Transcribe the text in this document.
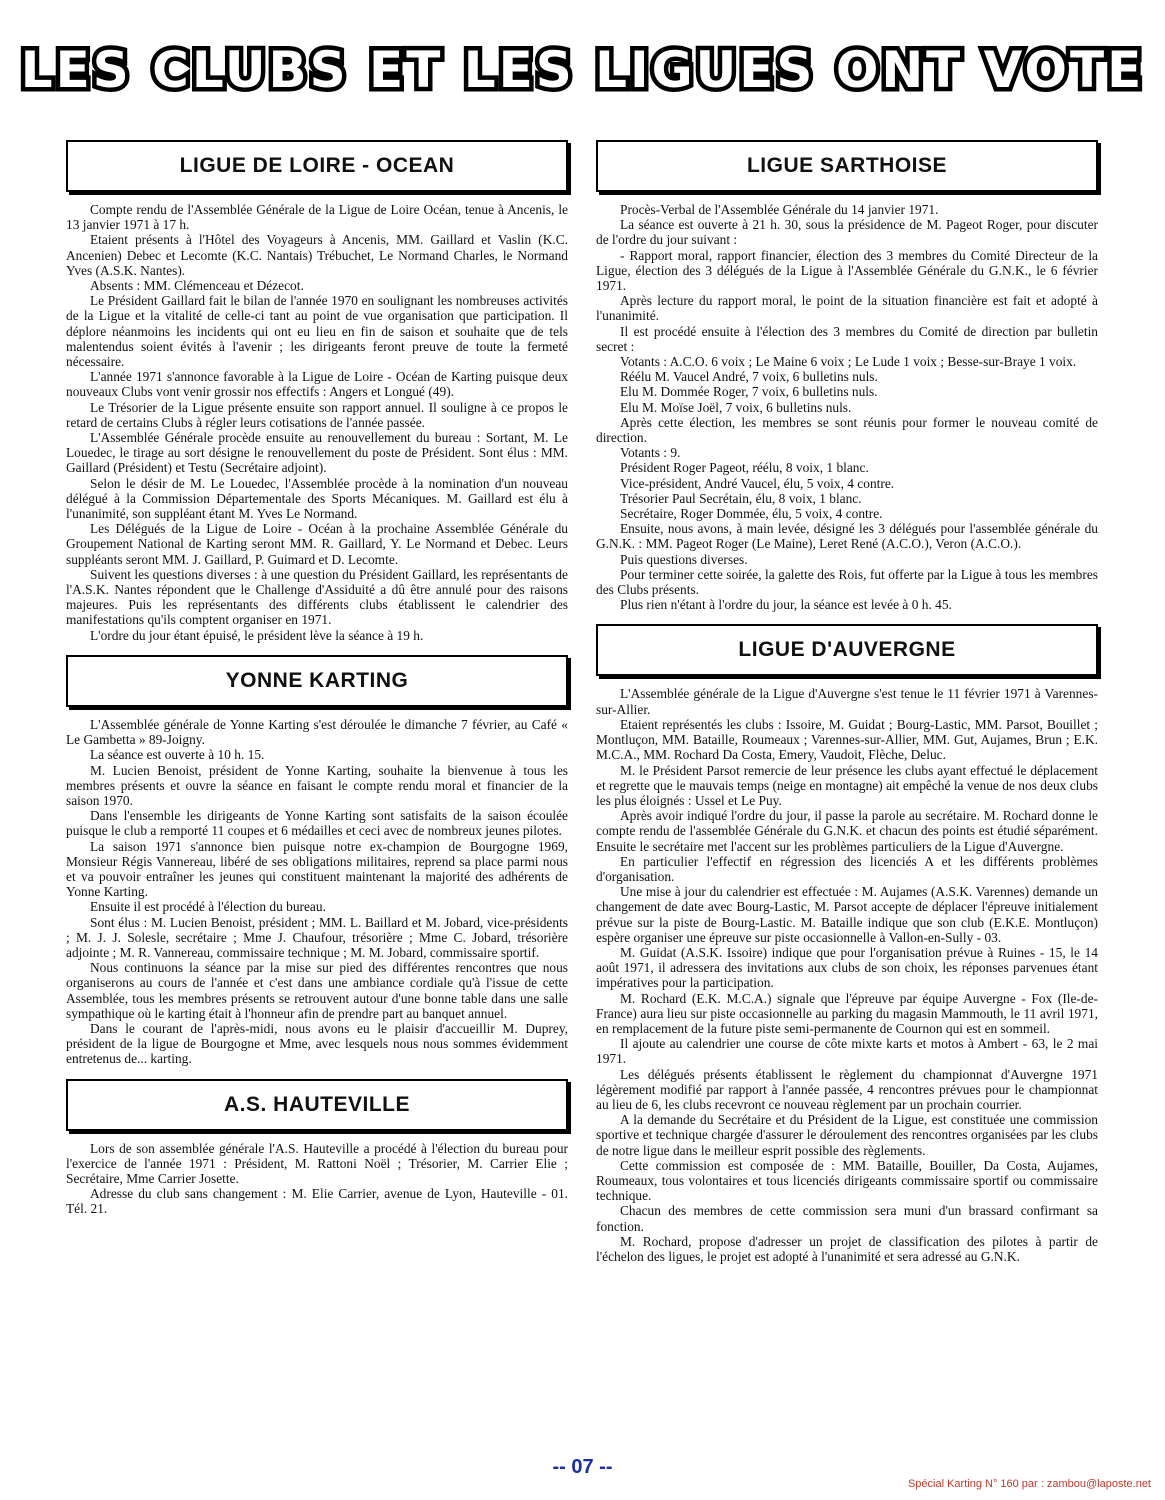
LES CLUBS ET LES LIGUES ONT VOTE
LIGUE DE LOIRE - OCEAN

Compte rendu de l'Assemblée Générale de la Ligue de Loire Océan, tenue à Ancenis, le 13 janvier 1971 à 17 h.

Etaient présents à l'Hôtel des Voyageurs à Ancenis, MM. Gaillard et Vaslin (K.C. Ancenien) Debec et Lecomte (K.C. Nantais) Trébuchet, Le Normand Charles, le Normand Yves (A.S.K. Nantes).

Absents : MM. Clémenceau et Dézecot.

Le Président Gaillard fait le bilan de l'année 1970 en soulignant les nombreuses activités de la Ligue et la vitalité de celle-ci tant au point de vue organisation que participation. Il déplore néanmoins les incidents qui ont eu lieu en fin de saison et souhaite que de tels malentendus soient évités à l'avenir ; les dirigeants feront preuve de toute la fermeté nécessaire.

L'année 1971 s'annonce favorable à la Ligue de Loire - Océan de Karting puisque deux nouveaux Clubs vont venir grossir nos effectifs : Angers et Longué (49).

Le Trésorier de la Ligue présente ensuite son rapport annuel. Il souligne à ce propos le retard de certains Clubs à régler leurs cotisations de l'année passée.

L'Assemblée Générale procède ensuite au renouvellement du bureau : Sortant, M. Le Louedec, le tirage au sort désigne le renouvellement du poste de Président. Sont élus : MM. Gaillard (Président) et Testu (Secrétaire adjoint).

Selon le désir de M. Le Louedec, l'Assemblée procède à la nomination d'un nouveau délégué à la Commission Départementale des Sports Mécaniques. M. Gaillard est élu à l'unanimité, son suppléant étant M. Yves Le Normand.

Les Délégués de la Ligue de Loire - Océan à la prochaine Assemblée Générale du Groupement National de Karting seront MM. R. Gaillard, Y. Le Normand et Debec. Leurs suppléants seront MM. J. Gaillard, P. Guimard et D. Lecomte.

Suivent les questions diverses : à une question du Président Gaillard, les représentants de l'A.S.K. Nantes répondent que le Challenge d'Assiduité a dû être annulé pour des raisons majeures. Puis les représentants des différents clubs établissent le calendrier des manifestations qu'ils comptent organiser en 1971.

L'ordre du jour étant épuisé, le président lève la séance à 19 h.

YONNE KARTING

L'Assemblée générale de Yonne Karting s'est déroulée le dimanche 7 février, au Café « Le Gambetta » 89-Joigny.

La séance est ouverte à 10 h. 15.

M. Lucien Benoist, président de Yonne Karting, souhaite la bienvenue à tous les membres présents et ouvre la séance en faisant le compte rendu moral et financier de la saison 1970.

Dans l'ensemble les dirigeants de Yonne Karting sont satisfaits de la saison écoulée puisque le club a remporté 11 coupes et 6 médailles et ceci avec de nombreux jeunes pilotes.

La saison 1971 s'annonce bien puisque notre ex-champion de Bourgogne 1969, Monsieur Régis Vannereau, libéré de ses obligations militaires, reprend sa place parmi nous et va pouvoir entraîner les jeunes qui constituent maintenant la majorité des adhérents de Yonne Karting.

Ensuite il est procédé à l'élection du bureau.

Sont élus : M. Lucien Benoist, président ; MM. L. Baillard et M. Jobard, vice-présidents ; M. J. J. Solesle, secrétaire ; Mme J. Chaufour, trésorière ; Mme C. Jobard, trésorière adjointe ; M. R. Vannereau, commissaire technique ; M. M. Jobard, commissaire sportif.

Nous continuons la séance par la mise sur pied des différentes rencontres que nous organiserons au cours de l'année et c'est dans une ambiance cordiale qu'à l'issue de cette Assemblée, tous les membres présents se retrouvent autour d'une bonne table dans une salle sympathique où le karting était à l'honneur afin de prendre part au banquet annuel.

Dans le courant de l'après-midi, nous avons eu le plaisir d'accueillir M. Duprey, président de la ligue de Bourgogne et Mme, avec lesquels nous nous sommes évidemment entretenus de... karting.

A.S. HAUTEVILLE

Lors de son assemblée générale l'A.S. Hauteville a procédé à l'élection du bureau pour l'exercice de l'année 1971 : Président, M. Rattoni Noël ; Trésorier, M. Carrier Elie ; Secrétaire, Mme Carrier Josette.

Adresse du club sans changement : M. Elie Carrier, avenue de Lyon, Hauteville - 01. Tél. 21.

LIGUE SARTHOISE

Procès-Verbal de l'Assemblée Générale du 14 janvier 1971.

La séance est ouverte à 21 h. 30, sous la présidence de M. Pageot Roger, pour discuter de l'ordre du jour suivant :

- Rapport moral, rapport financier, élection des 3 membres du Comité Directeur de la Ligue, élection des 3 délégués de la Ligue à l'Assemblée Générale du G.N.K., le 6 février 1971.

Après lecture du rapport moral, le point de la situation financière est fait et adopté à l'unanimité.

Il est procédé ensuite à l'élection des 3 membres du Comité de direction par bulletin secret :

Votants : A.C.O. 6 voix ; Le Maine 6 voix ; Le Lude 1 voix ; Besse-sur-Braye 1 voix.

Réélu M. Vaucel André, 7 voix, 6 bulletins nuls.

Elu M. Dommée Roger, 7 voix, 6 bulletins nuls.

Elu M. Moïse Joël, 7 voix, 6 bulletins nuls.

Après cette élection, les membres se sont réunis pour former le nouveau comité de direction.

Votants : 9.

Président Roger Pageot, réélu, 8 voix, 1 blanc.

Vice-président, André Vaucel, élu, 5 voix, 4 contre.

Trésorier Paul Secrétain, élu, 8 voix, 1 blanc.

Secrétaire, Roger Dommée, élu, 5 voix, 4 contre.

Ensuite, nous avons, à main levée, désigné les 3 délégués pour l'assemblée générale du G.N.K. : MM. Pageot Roger (Le Maine), Leret René (A.C.O.), Veron (A.C.O.).

Puis questions diverses.

Pour terminer cette soirée, la galette des Rois, fut offerte par la Ligue à tous les membres des Clubs présents.

Plus rien n'étant à l'ordre du jour, la séance est levée à 0 h. 45.

LIGUE D'AUVERGNE

L'Assemblée générale de la Ligue d'Auvergne s'est tenue le 11 février 1971 à Varennes-sur-Allier.

Etaient représentés les clubs : Issoire, M. Guidat ; Bourg-Lastic, MM. Parsot, Bouillet ; Montluçon, MM. Bataille, Roumeaux ; Varennes-sur-Allier, MM. Gut, Aujames, Brun ; E.K. M.C.A., MM. Rochard Da Costa, Emery, Vaudoit, Flèche, Deluc.

M. le Président Parsot remercie de leur présence les clubs ayant effectué le déplacement et regrette que le mauvais temps (neige en montagne) ait empêché la venue de nos deux clubs les plus éloignés : Ussel et Le Puy.

Après avoir indiqué l'ordre du jour, il passe la parole au secrétaire. M. Rochard donne le compte rendu de l'assemblée Générale du G.N.K. et chacun des points est étudié séparément. Ensuite le secrétaire met l'accent sur les problèmes particuliers de la Ligue d'Auvergne.

En particulier l'effectif en régression des licenciés A et les différents problèmes d'organisation.

Une mise à jour du calendrier est effectuée : M. Aujames (A.S.K. Varennes) demande un changement de date avec Bourg-Lastic, M. Parsot accepte de déplacer l'épreuve initialement prévue sur la piste de Bourg-Lastic. M. Bataille indique que son club (E.K.E. Montluçon) espère organiser une épreuve sur piste occasionnelle à Vallon-en-Sully - 03.

M. Guidat (A.S.K. Issoire) indique que pour l'organisation prévue à Ruines - 15, le 14 août 1971, il adressera des invitations aux clubs de son choix, les réponses parvenues étant impératives pour la participation.

M. Rochard (E.K. M.C.A.) signale que l'épreuve par équipe Auvergne - Fox (Ile-de-France) aura lieu sur piste occasionnelle au parking du magasin Mammouth, le 11 avril 1971, en remplacement de la future piste semi-permanente de Cournon qui est en sommeil.

Il ajoute au calendrier une course de côte mixte karts et motos à Ambert - 63, le 2 mai 1971.

Les délégués présents établissent le règlement du championnat d'Auvergne 1971 légèrement modifié par rapport à l'année passée, 4 rencontres prévues pour le championnat au lieu de 6, les clubs recevront ce nouveau règlement par un prochain courrier.

A la demande du Secrétaire et du Président de la Ligue, est constituée une commission sportive et technique chargée d'assurer le déroulement des rencontres organisées par les clubs de notre ligue dans le meilleur esprit possible des règlements.

Cette commission est composée de : MM. Bataille, Bouiller, Da Costa, Aujames, Roumeaux, tous volontaires et tous licenciés dirigeants commissaire sportif ou commissaire technique.

Chacun des membres de cette commission sera muni d'un brassard confirmant sa fonction.

M. Rochard, propose d'adresser un projet de classification des pilotes à partir de l'échelon des ligues, le projet est adopté à l'unanimité et sera adressé au G.N.K.

-- 07 --
Spécial Karting N° 160 par : zambou@laposte.net
